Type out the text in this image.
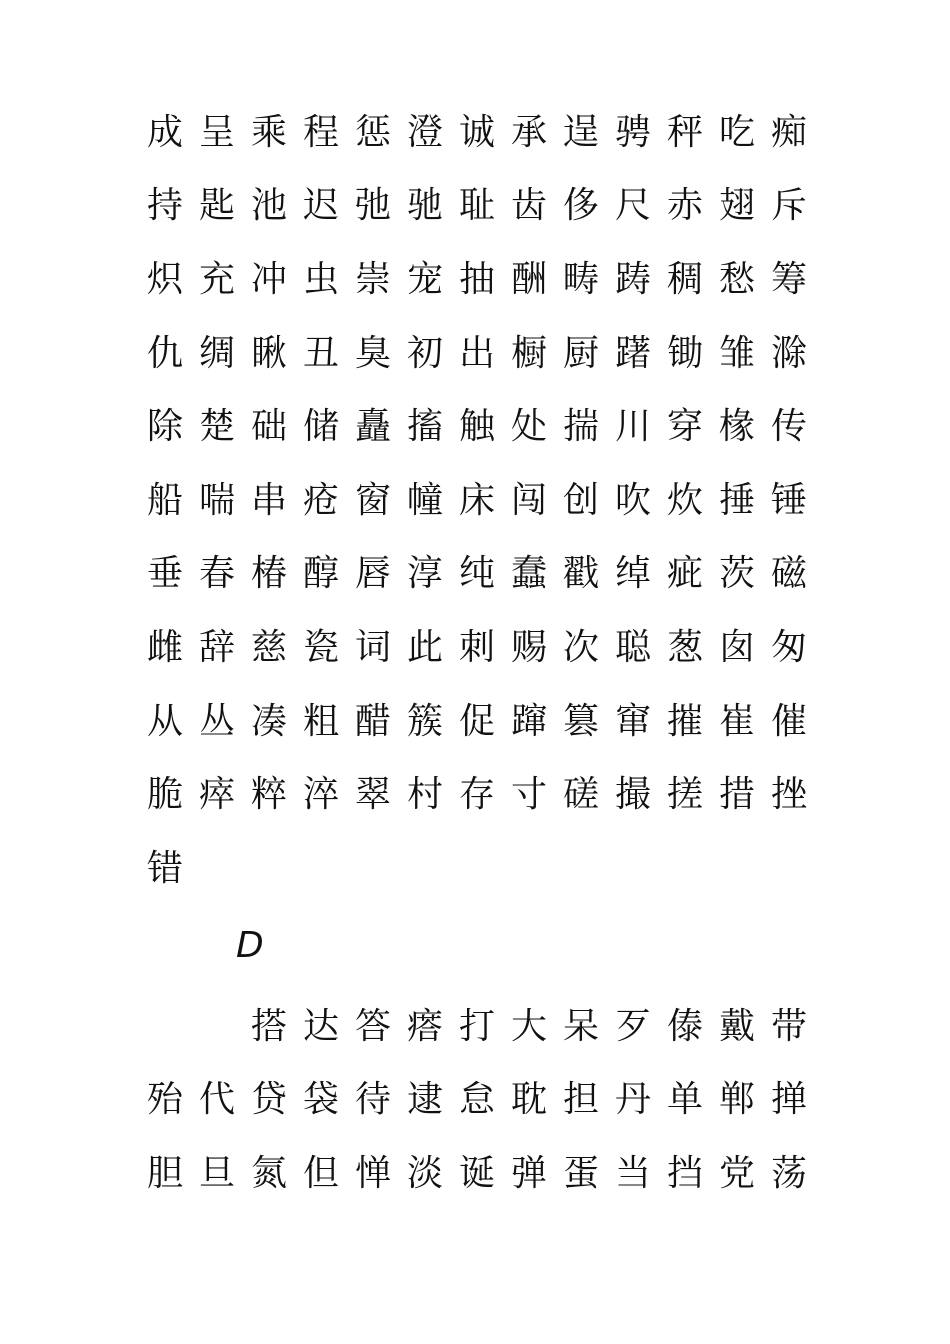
成 呈 乘 程 惩 澄 诚 承 逞 骋 秤 吃 痴
持 匙 池 迟 弛 驰 耻 齿 侈 尺 赤 翅 斥
炽 充 冲 虫 崇 宠 抽 酬 畴 踌 稠 愁 筹
仇 绸 瞅 丑 臭 初 出 橱 厨 躇 锄 雏 滁
除 楚 础 储 矗 搐 触 处 揣 川 穿 椽 传
船 喘 串 疮 窗 幢 床 闯 创 吹 炊 捶 锤
垂 春 椿 醇 唇 淳 纯 蠢 戳 绰 疵 茨 磁
雌 辞 慈 瓷 词 此 刺 赐 次 聪 葱 囱 匆
从 丛 凑 粗 醋 簇 促 蹿 篡 窜 摧 崔 催
脆 瘁 粹 淬 翠 村 存 寸 磋 撮 搓 措 挫
错
D
搭 达 答 瘩 打 大 呆 歹 傣 戴 带
殆 代 贷 袋 待 逮 怠 耽 担 丹 单 郸 掸
胆 旦 氮 但 惮 淡 诞 弹 蛋 当 挡 党 荡
